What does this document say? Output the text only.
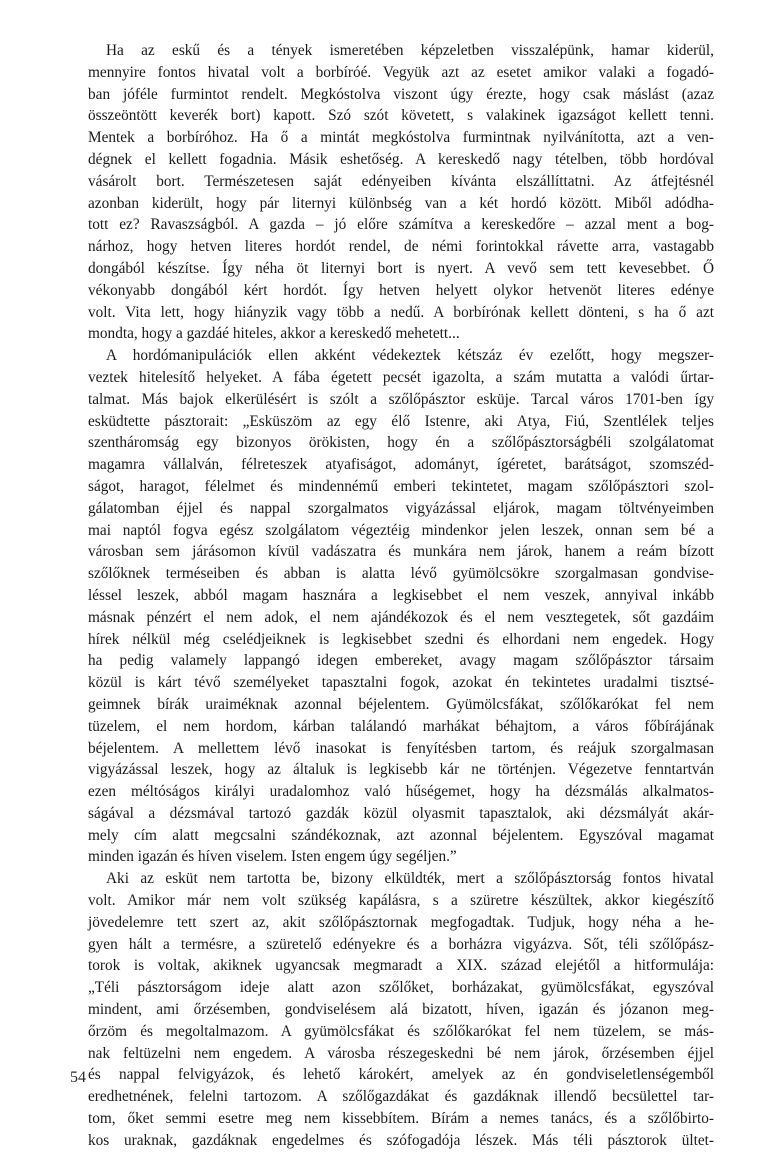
Ha az eskű és a tények ismeretében képzeletben visszalépünk, hamar kiderül,
mennyire fontos hivatal volt a borbíróé. Vegyük azt az esetet amikor valaki a fogadó-
ban jóféle furmintot rendelt. Megkóstolva viszont úgy érezte, hogy csak máslást (azaz
összeöntött keverék bort) kapott. Szó szót követett, s valakinek igazságot kellett tenni.
Mentek a borbíróhoz. Ha ő a mintát megkóstolva furmintnak nyilvánította, azt a ven-
dégnek el kellett fogadnia. Másik eshetőség. A kereskedő nagy tételben, több hordóval
vásárolt bort. Természetesen saját edényeiben kívánta elszállíttatni. Az átfejtésnél
azonban kiderült, hogy pár liternyi különbség van a két hordó között. Miből adódha-
tott ez? Ravaszságból. A gazda – jó előre számítva a kereskedőre – azzal ment a bog-
nárhoz, hogy hetven literes hordót rendel, de némi forintokkal rávette arra, vastagabb
dongából készítse. Így néha öt liternyi bort is nyert. A vevő sem tett kevesebbet. Ő
vékonyabb dongából kért hordót. Így hetven helyett olykor hetvenöt literes edénye
volt. Vita lett, hogy hiányzik vagy több a nedű. A borbírónak kellett dönteni, s ha ő azt
mondta, hogy a gazdáé hiteles, akkor a kereskedő mehetett...
A hordómanipulációk ellen akként védekeztek kétszáz év ezelőtt, hogy megszer-
veztek hitelesítő helyeket. A fába égetett pecsét igazolta, a szám mutatta a valódi űrtar-
talmat. Más bajok elkerülésért is szólt a szőlőpásztor esküje. Tarcal város 1701-ben így
esküdtette pásztorait: „Esküszöm az egy élő Istenre, aki Atya, Fiú, Szentlélek teljes
szentháromság egy bizonyos örökisten, hogy én a szőlőpásztorságbéli szolgálatomat
magamra vállalván, félreteszek atyafiságot, adományt, ígéretet, barátságot, szomszéd-
ságot, haragot, félelmet és mindennémű emberi tekintetet, magam szőlőpásztori szol-
gálatomban éjjel és nappal szorgalmatos vigyázással eljárok, magam töltvényeimben
mai naptól fogva egész szolgálatom végeztéig mindenkor jelen leszek, onnan sem bé a
városban sem járásomon kívül vadászatra és munkára nem járok, hanem a reám bízott
szőlőknek terméseiben és abban is alatta lévő gyümölcsökre szorgalmasan gondvise-
léssel leszek, abból magam hasznára a legkisebbet el nem veszek, annyival inkább
másnak pénzért el nem adok, el nem ajándékozok és el nem vesztegetek, sőt gazdáim
hírek nélkül még cselédjeiknek is legkisebbet szedni és elhordani nem engedek. Hogy
ha pedig valamely lappangó idegen embereket, avagy magam szőlőpásztor társaim
közül is kárt tévő személyeket tapasztalni fogok, azokat én tekintetes uradalmi tisztsé-
geimnek bírák uraiméknak azonnal béjelentem. Gyümölcsfákat, szőlőkarókat fel nem
tüzelem, el nem hordom, kárban találandó marhákat béhajtom, a város főbírájának
béjelentem. A mellettem lévő inasokat is fenyítésben tartom, és reájuk szorgalmasan
vigyázással leszek, hogy az általuk is legkisebb kár ne történjen. Végezetve fenntartván
ezen méltóságos királyi uradalomhoz való hűségemet, hogy ha dézsmálás alkalmatos-
ságával a dézsmával tartozó gazdák közül olyasmit tapasztalok, aki dézsmályát akár-
mely cím alatt megcsalni szándékoznak, azt azonnal béjelentem. Egyszóval magamat
minden igazán és híven viselem. Isten engem úgy segéljen.”
Aki az esküt nem tartotta be, bizony elküldték, mert a szőlőpásztorság fontos hivatal
volt. Amikor már nem volt szükség kapálásra, s a szüretre készültek, akkor kiegészítő
jövedelemre tett szert az, akit szőlőpásztornak megfogadtak. Tudjuk, hogy néha a he-
gyen hált a termésre, a szüretelő edényekre és a borházra vigyázva. Sőt, téli szőlőpász-
torok is voltak, akiknek ugyancsak megmaradt a XIX. század elejétől a hitformulája:
„Téli pásztorságom ideje alatt azon szőlőket, borházakat, gyümölcsfákat, egyszóval
mindent, ami őrzésemben, gondviselésem alá bizatott, híven, igazán és józanon meg-
őrzöm és megoltalmazom. A gyümölcsfákat és szőlőkarókat fel nem tüzelem, se más-
nak feltüzelni nem engedem. A városba részegeskedni bé nem járok, őrzésemben éjjel
és nappal felvigyázok, és lehető károkért, amelyek az én gondviseletlenségemből
eredhetnének, felelni tartozom. A szőlőgazdákat és gazdáknak illendő becsülettel tar-
tom, őket semmi esetre meg nem kissebbítem. Bírám a nemes tanács, és a szőlőbirto-
kos uraknak, gazdáknak engedelmes és szófogadója lészek. Más téli pásztorok ültet-
54
